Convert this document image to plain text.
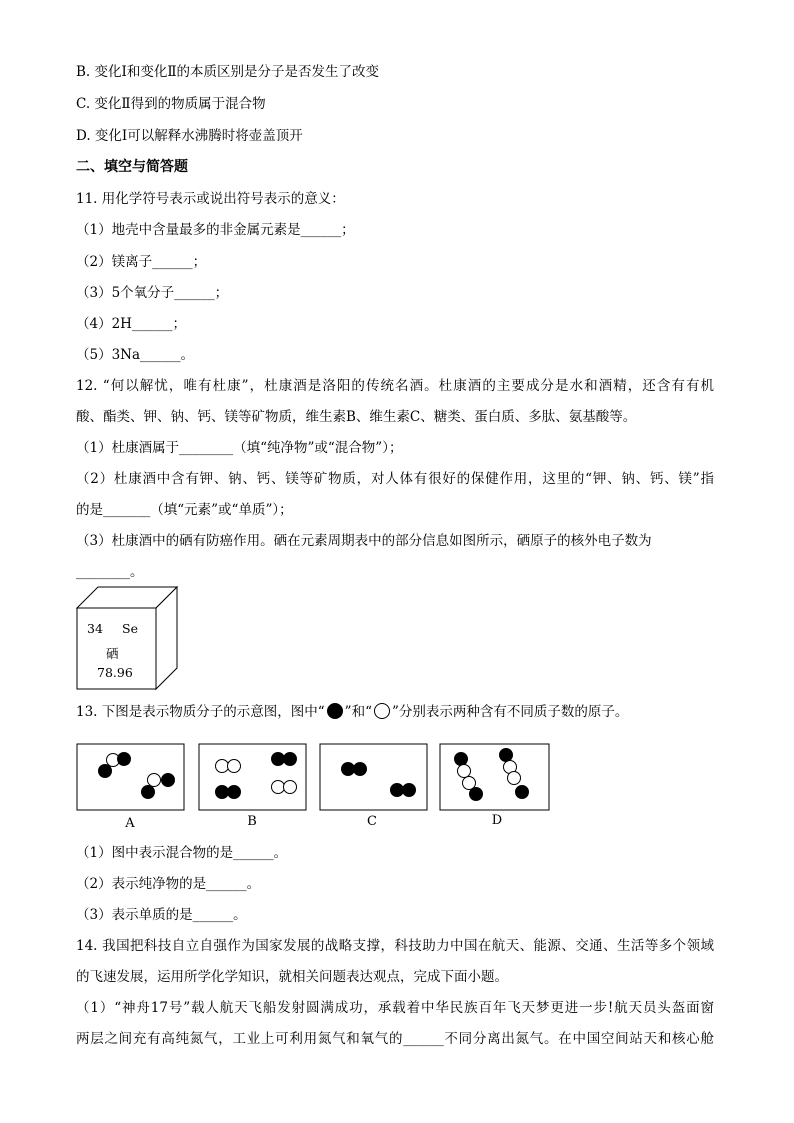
B. 变化Ⅰ和变化Ⅱ的本质区别是分子是否发生了改变
C. 变化Ⅱ得到的物质属于混合物
D. 变化Ⅰ可以解释水沸腾时将壶盖顶开
二、填空与简答题
11. 用化学符号表示或说出符号表示的意义：
（1）地壳中含量最多的非金属元素是______；
（2）镁离子______；
（3）5个氧分子______；
（4）2H______；
（5）3Na______。
12. “何以解忧，唯有杜康”，杜康酒是洛阳的传统名酒。杜康酒的主要成分是水和酒精，还含有有机
酸、酯类、钾、钠、钙、镁等矿物质，维生素B、维生素C、糖类、蛋白质、多肽、氨基酸等。
（1）杜康酒属于________（填“纯净物”或“混合物”）；
（2）杜康酒中含有钾、钠、钙、镁等矿物质，对人体有很好的保健作用，这里的“钾、钠、钙、镁”指
的是_______（填“元素”或“单质”）；
（3）杜康酒中的硒有防癌作用。硒在元素周期表中的部分信息如图所示，硒原子的核外电子数为
________。
34 Se
硒
78.96
13. 下图是表示物质分子的示意图，图中“ ”和“ ”分别表示两种含有不同质子数的原子。
A	B	C	D
（1）图中表示混合物的是______。
（2）表示纯净物的是______。
（3）表示单质的是______。
14. 我国把科技自立自强作为国家发展的战略支撑，科技助力中国在航天、能源、交通、生活等多个领域
的飞速发展，运用所学化学知识，就相关问题表达观点，完成下面小题。
（1）“神舟17号”载人航天飞船发射圆满成功，承载着中华民族百年飞天梦更进一步!航天员头盔面窗
两层之间充有高纯氮气，工业上可利用氮气和氧气的______不同分离出氮气。在中国空间站天和核心舱
